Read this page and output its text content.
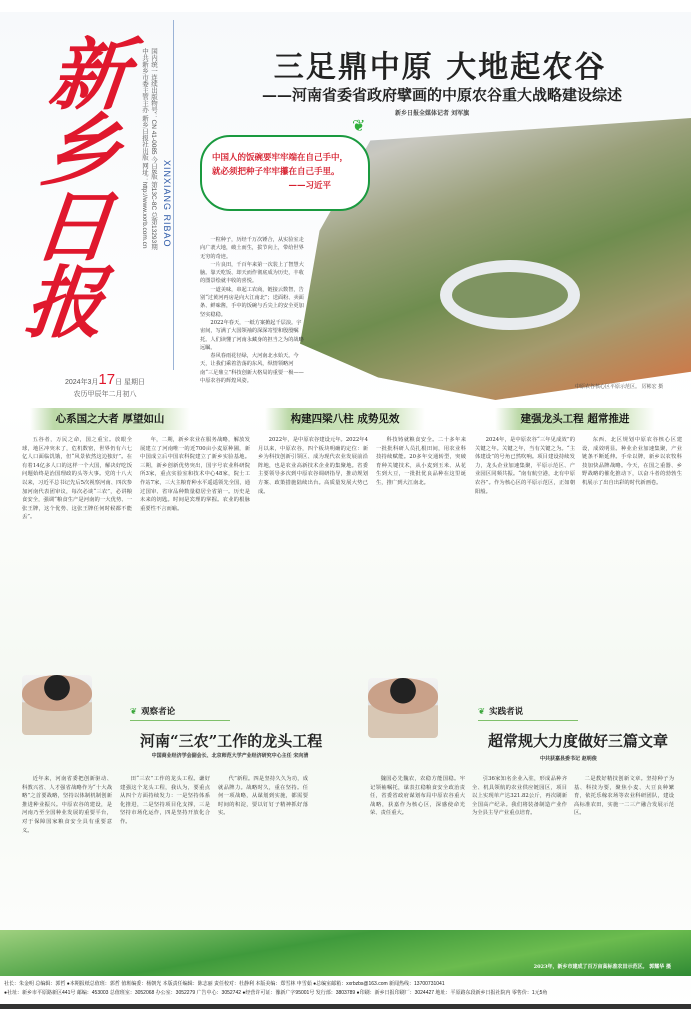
新
乡
日
报
国内统一连续出版物号：CN 41-0085 今日8版 第13C-8C 总第13293期
中共新乡市委主管主办 新乡日报社出版 网址：http://www.xxrb.com.cn XINXIANG RIBAO
2024年3月17日 星期日
农历甲辰年二月初八
三足鼎中原 大地起农谷
——河南省委省政府擘画的中原农谷重大战略建设综述
新乡日报全媒体记者 刘军旗
中国人的饭碗要牢牢端在自己手中，就必须把种子牢牢攥在自己手里。
——习近平
❦

一粒种子，历经千万次锤合，从实验室走向广袤大地，破土而生，拔节向上，带给世界无穷的奇迹。

一片良田，千百年来第一次装上了智慧大脑。靠天吃饭、却天而作彻底成为历史，丰收的图景绘就丰收的喜悦。

一道美味，串起工农商，链接云数智，告别“过黄河再房是向大江南北”；送面粉、卖面条、鲜味酱，手中的饭碗与舌尖上的安全更加坚实稳稳。

2022年春天，一纸方案掀起千层浪。宇宙间，写满了大国领袖的深深寄望和殷殷嘱托。人们读懂了河南永藏身的担当之为的战略远瞩。

春风春雨花径绿，大河南北水始天。今天，让我们乘着浩荡的东风，纵情领略河南“三足鼎立”科技创新大格局的重要一极——中原农谷的辉煌风姿。

中原农谷核心区平原示范区。 厉彬宏 摄
心系国之大者 厚望如山	构建四梁八柱 成势见效	建强龙头工程 超常推进

五谷者，万民之命，国之重宝。放眼全球，地区冲突未了，危机数密，世界仍有六七亿人口面临饥饿，但“风景依然这边独好”。在有着14亿多人口的这样一个大国，解决好吃饭问题始终是治国理政的头等大事。党的十八大以来，习近平总书记先后5次视察河南、四次参加河南代表团审议，每次必谈“三农”，必讲粮食安全，强调“粮食生产是河南的一大优势、一张王牌，这个优势、这张王牌任何时候都不能丢”。

年，二期，新乡农业在服务战略，解放发展建立了河南唯一的近700亩小麦原种圃，新中国成立后中国农科院建立了新乡实验基地。三期，新乡创新优势突出，国字号农业科研院所3家，重点实验室和技术中心48家，院士工作站7家，三大主粮育种水平遥遥领先全国，通过国审、省审品种数量稳居全省第一。历史是未来的钥匙。时间是宾理的掌握。农业的根脉重要性不言而喻。

2022年，是中原农谷建设元年。2022年4月以来，中原农谷，四个板块明确的定位：新乡为科技创新引领区、成为现代农业发展前沿阵地，也是农业高新技术企业的集聚地。省委主要领导多次到中原农谷调研指导，推动规划方案、政策措施陆续出台。高质量发展大势已成。

科技铸就粮食安全。二十多年来一批批科研人员扎根田间，用农业科技持续赋能。20多年交通转型，突破育种关键技术，从小麦到玉米、从花生到大豆，一批批优良品种在这里诞生，推广到大江南北。

2024年，是中原农谷“三年见成效”的关键之年。关键之年，当有关键之为。“主体建设”的号角已然吹响。项目建设持续发力，龙头企业加速集聚，平原示范区、产业园区同频共振。“南有航空港，北有中原农谷”。作为核心区的平原示范区，正如朝阳般。

东西、北区规划中原农谷核心区建设，成效明显。种业企业加速集聚，产业链条不断延伸。手牵以牌，新乡以农牧科技加快品牌战略。今天，在国之重器、乡野战略的催化推动下，以奋斗者的勃勃生机展示了出自出彩的时代新画卷。

❦ 观察者论
河南“三农”工作的龙头工程
中国商业经济学会副会长、北京师范大学产业经济研究中心主任 宋向清

近年来，河南省委把创新驱动、科教兴省、人才强省战略作为“十大战略”之首要战略，坚持以体制机制创新推进种业振兴。中原农谷的建设，是河南乃至全国种业发展的重要平台，对于保障国家粮食安全具有重要意义。

田“三农”工作的龙头工程。谦好建强这个龙头工程，我认为，要重点从四个方面持续发力：一是坚持体系化推进，二是坚持项目化支撑，三是坚持市场化运作，四是坚持开放化合作。

代”新程。四是坚持久久为功，成就品牌力。战略时久，重在坚持。任何一项战略，从谋划到实施，都需要时间的积淀，要以钉钉子精神抓好落实。

❦ 实践者说
超常规大力度做好三篇文章
中共获嘉县委书记 赵明俊

魏国必先魏农，农稳方能国稳。牢记领袖嘱托，谋表扛稳粮食安全政治责任，省委省政府谋划布局中原农谷重大战略，获嘉作为核心区，深感使命光荣、责任重大。

引36家知名企业入驻，形成品种齐全、机具领航的农业供应链园区，项目以上实现单产达321.82公斤，再次刷新全国高产纪录。我们将装备制造产业作为全县主导产业重点培育。

二是教好精技创新文章。坚持种子为基、科技为要，聚焦小麦、大豆良种繁育，依托乐稼农场等农业科研团队，建设高标准农田，实施一二三产融合发展示范区。

2023年，新乡市建成了百万亩高标准农田示范区。 郭耀华 摄
社长：朱金明 总编辑：郭哲 ●本期报纸总值班：郭哲 值班编委：杨朝光 本版责任编辑：陈志丽 责任校对：杜静利 本版美编：郑雪林 申雪茹 ●总编室邮箱：xxrbzbs@163.com 新闻热线：13700731041
●社址：新乡市平原路新区441号 邮编：453003 总值班室：3052068 办公室：3052279 广告中心：3052742 ●经营许可证：豫新广字95001号 发行部：3803789 ●印刷：新乡日报印刷厂：3024427 地址：平原路东段新乡日报社院内 零售价：1元5角
